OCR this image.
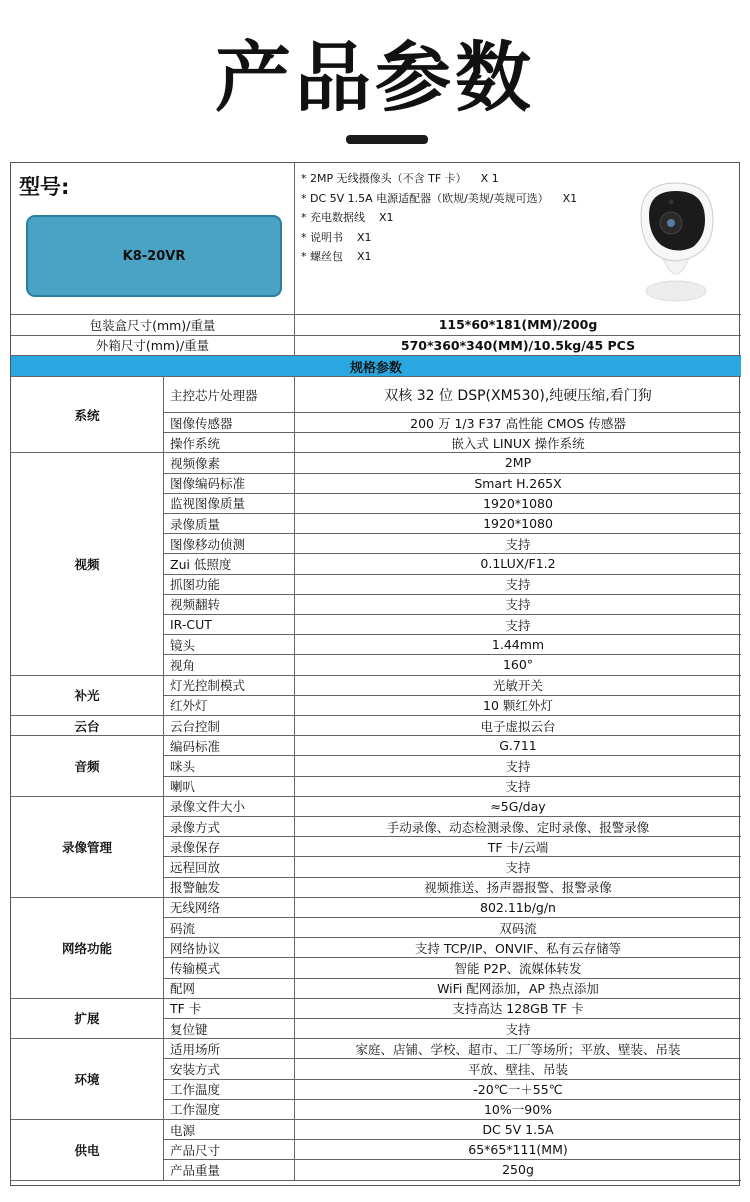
产品参数
型号:
K8-20VR
* 2MP 无线摄像头（不含 TF 卡） X 1
* DC 5V 1.5A 电源适配器（欧规/美规/英规可选） X1
* 充电数据线 X1
* 说明书 X1
* 螺丝包 X1
包装盒尺寸(mm)/重量	115*60*181(MM)/200g
外箱尺寸(mm)/重量	570*360*340(MM)/10.5kg/45 PCS
规格参数
主控芯片处理器	双核 32 位 DSP(XM530),纯硬压缩,看门狗
图像传感器	200 万 1/3 F37 高性能 CMOS 传感器
操作系统	嵌入式 LINUX 操作系统
系统
视频像素	2MP
图像编码标准	Smart H.265X
监视图像质量	1920*1080
录像质量	1920*1080
图像移动侦测	支持
Zui 低照度	0.1LUX/F1.2
抓图功能	支持
视频翻转	支持
IR-CUT	支持
镜头	1.44mm
视角	160°
视频
灯光控制模式	光敏开关
红外灯	10 颗红外灯
补光
云台控制	电子虚拟云台
云台
编码标准	G.711
咪头	支持
喇叭	支持
音频
录像文件大小	≈5G/day
录像方式	手动录像、动态检测录像、定时录像、报警录像
录像保存	TF 卡/云端
远程回放	支持
报警触发	视频推送、扬声器报警、报警录像
录像管理
无线网络	802.11b/g/n
码流	双码流
网络协议	支持 TCP/IP、ONVIF、私有云存储等
传输模式	智能 P2P、流媒体转发
配网	WiFi 配网添加，AP 热点添加
网络功能
TF 卡	支持高达 128GB TF 卡
复位键	支持
扩展
适用场所	家庭、店铺、学校、超市、工厂等场所；平放、壁装、吊装
安装方式	平放、壁挂、吊装
工作温度	-20℃一＋55℃
工作湿度	10%一90%
环境
电源	DC 5V 1.5A
产品尺寸	65*65*111(MM)
产品重量	250g
供电
